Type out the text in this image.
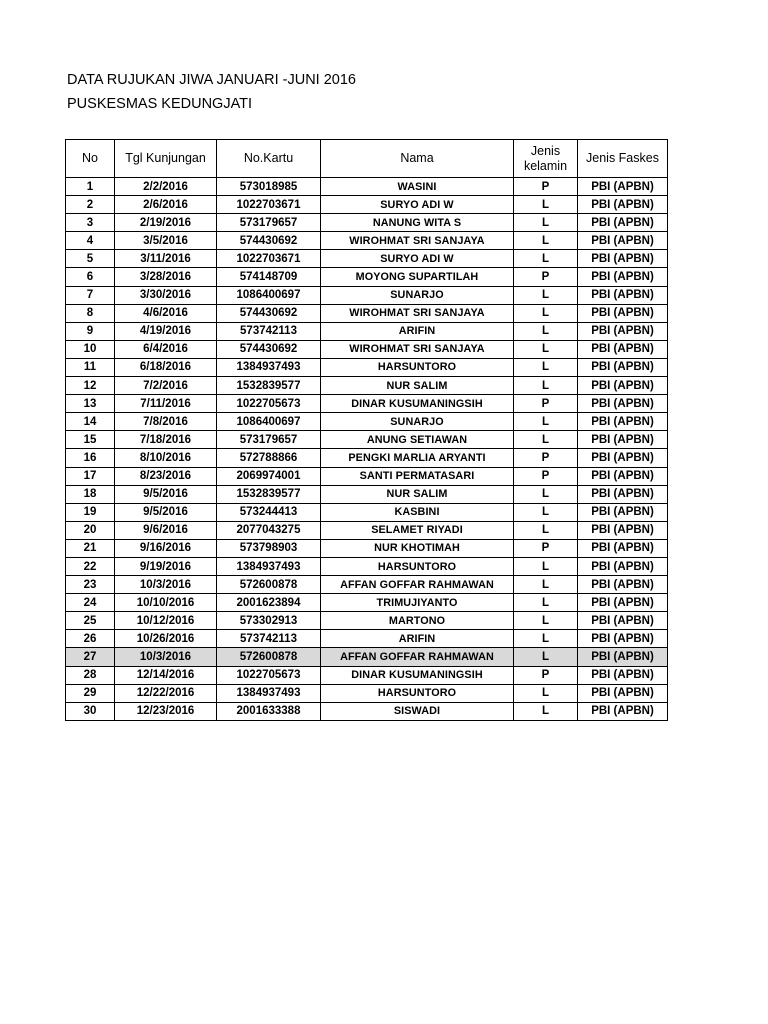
DATA RUJUKAN JIWA JANUARI -JUNI 2016
PUSKESMAS KEDUNGJATI
No	Tgl Kunjungan	No.Kartu	Nama	Jenis kelamin	Jenis Faskes
1	2/2/2016	573018985	WASINI	P	PBI (APBN)
2	2/6/2016	1022703671	SURYO ADI W	L	PBI (APBN)
3	2/19/2016	573179657	NANUNG WITA S	L	PBI (APBN)
4	3/5/2016	574430692	WIROHMAT SRI SANJAYA	L	PBI (APBN)
5	3/11/2016	1022703671	SURYO ADI W	L	PBI (APBN)
6	3/28/2016	574148709	MOYONG SUPARTILAH	P	PBI (APBN)
7	3/30/2016	1086400697	SUNARJO	L	PBI (APBN)
8	4/6/2016	574430692	WIROHMAT SRI SANJAYA	L	PBI (APBN)
9	4/19/2016	573742113	ARIFIN	L	PBI (APBN)
10	6/4/2016	574430692	WIROHMAT SRI SANJAYA	L	PBI (APBN)
11	6/18/2016	1384937493	HARSUNTORO	L	PBI (APBN)
12	7/2/2016	1532839577	NUR SALIM	L	PBI (APBN)
13	7/11/2016	1022705673	DINAR KUSUMANINGSIH	P	PBI (APBN)
14	7/8/2016	1086400697	SUNARJO	L	PBI (APBN)
15	7/18/2016	573179657	ANUNG SETIAWAN	L	PBI (APBN)
16	8/10/2016	572788866	PENGKI MARLIA ARYANTI	P	PBI (APBN)
17	8/23/2016	2069974001	SANTI PERMATASARI	P	PBI (APBN)
18	9/5/2016	1532839577	NUR SALIM	L	PBI (APBN)
19	9/5/2016	573244413	KASBINI	L	PBI (APBN)
20	9/6/2016	2077043275	SELAMET RIYADI	L	PBI (APBN)
21	9/16/2016	573798903	NUR KHOTIMAH	P	PBI (APBN)
22	9/19/2016	1384937493	HARSUNTORO	L	PBI (APBN)
23	10/3/2016	572600878	AFFAN GOFFAR RAHMAWAN	L	PBI (APBN)
24	10/10/2016	2001623894	TRIMUJIYANTO	L	PBI (APBN)
25	10/12/2016	573302913	MARTONO	L	PBI (APBN)
26	10/26/2016	573742113	ARIFIN	L	PBI (APBN)
27	10/3/2016	572600878	AFFAN GOFFAR RAHMAWAN	L	PBI (APBN)
28	12/14/2016	1022705673	DINAR KUSUMANINGSIH	P	PBI (APBN)
29	12/22/2016	1384937493	HARSUNTORO	L	PBI (APBN)
30	12/23/2016	2001633388	SISWADI	L	PBI (APBN)
